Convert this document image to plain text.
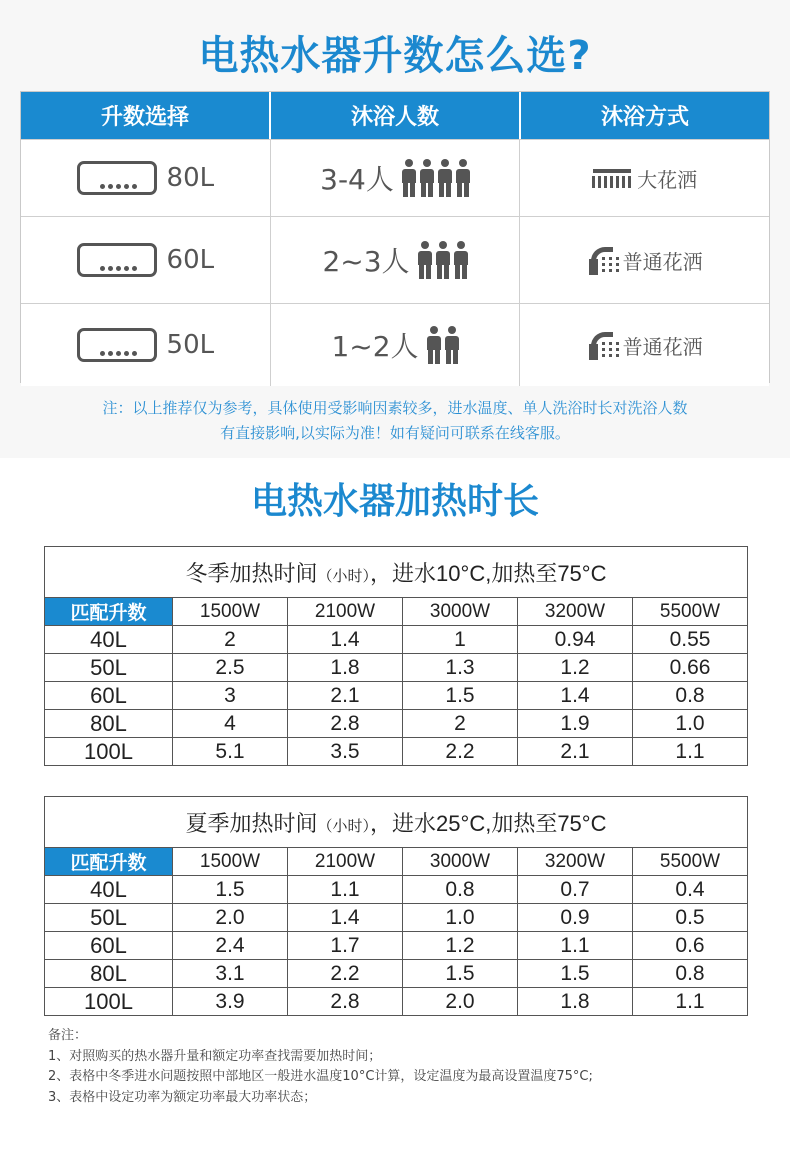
电热水器升数怎么选?
升数选择	沐浴人数	沐浴方式
80L	3-4人	大花洒
60L	2~3人	普通花洒
50L	1~2人	普通花洒
注：以上推荐仅为参考，具体使用受影响因素较多，进水温度、单人洗浴时长对洗浴人数
有直接影响,以实际为准！如有疑问可联系在线客服。
电热水器加热时长
冬季加热时间（小时），进水10°C,加热至75°C					
匹配升数	1500W	2100W	3000W	3200W	5500W
40L	2	1.4	1	0.94	0.55
50L	2.5	1.8	1.3	1.2	0.66
60L	3	2.1	1.5	1.4	0.8
80L	4	2.8	2	1.9	1.0
100L	5.1	3.5	2.2	2.1	1.1
夏季加热时间（小时），进水25°C,加热至75°C					
匹配升数	1500W	2100W	3000W	3200W	5500W
40L	1.5	1.1	0.8	0.7	0.4
50L	2.0	1.4	1.0	0.9	0.5
60L	2.4	1.7	1.2	1.1	0.6
80L	3.1	2.2	1.5	1.5	0.8
100L	3.9	2.8	2.0	1.8	1.1
备注：
1、对照购买的热水器升量和额定功率查找需要加热时间；
2、表格中冬季进水问题按照中部地区一般进水温度10°C计算，设定温度为最高设置温度75°C;
3、表格中设定功率为额定功率最大功率状态；
